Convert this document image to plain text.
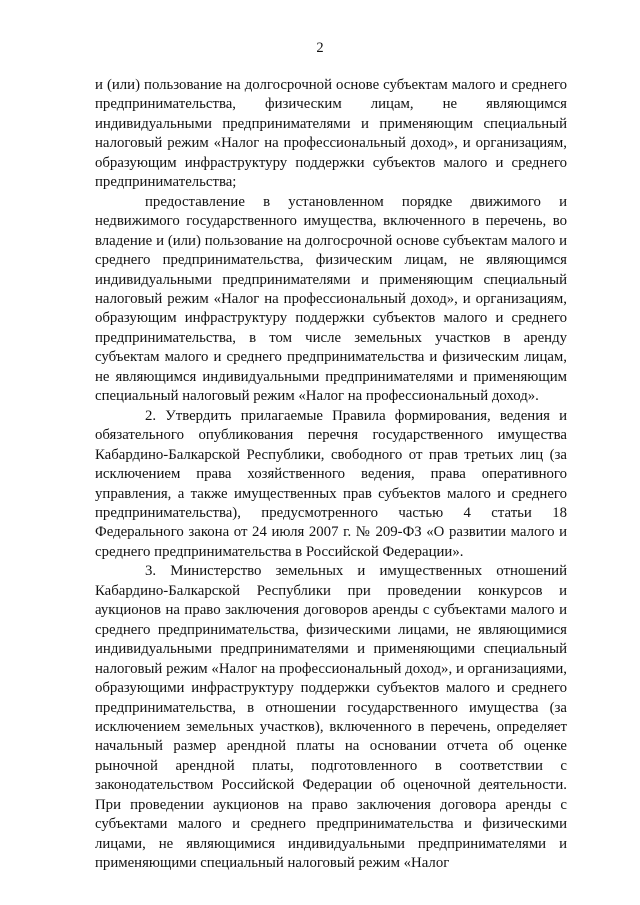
2

и (или) пользование на долгосрочной основе субъектам малого и среднего предпринимательства, физическим лицам, не являющимся индивидуальными предпринимателями и применяющим специальный налоговый режим «Налог на профессиональный доход», и организациям, образующим инфраструктуру поддержки субъектов малого и среднего предпринимательства;

предоставление в установленном порядке движимого и недвижимого государственного имущества, включенного в перечень, во владение и (или) пользование на долгосрочной основе субъектам малого и среднего предпринимательства, физическим лицам, не являющимся индивидуальными предпринимателями и применяющим специальный налоговый режим «Налог на профессиональный доход», и организациям, образующим инфраструктуру поддержки субъектов малого и среднего предпринимательства, в том числе земельных участков в аренду субъектам малого и среднего предпринимательства и физическим лицам, не являющимся индивидуальными предпринимателями и применяющим специальный налоговый режим «Налог на профессиональный доход».

2. Утвердить прилагаемые Правила формирования, ведения и обязательного опубликования перечня государственного имущества Кабардино-Балкарской Республики, свободного от прав третьих лиц (за исключением права хозяйственного ведения, права оперативного управления, а также имущественных прав субъектов малого и среднего предпринимательства), предусмотренного частью 4 статьи 18 Федерального закона от 24 июля 2007 г. № 209-ФЗ «О развитии малого и среднего предпринимательства в Российской Федерации».

3. Министерство земельных и имущественных отношений Кабардино-Балкарской Республики при проведении конкурсов и аукционов на право заключения договоров аренды с субъектами малого и среднего предпринимательства, физическими лицами, не являющимися индивидуальными предпринимателями и применяющими специальный налоговый режим «Налог на профессиональный доход», и организациями, образующими инфраструктуру поддержки субъектов малого и среднего предпринимательства, в отношении государственного имущества (за исключением земельных участков), включенного в перечень, определяет начальный размер арендной платы на основании отчета об оценке рыночной арендной платы, подготовленного в соответствии с законодательством Российской Федерации об оценочной деятельности. При проведении аукционов на право заключения договора аренды с субъектами малого и среднего предпринимательства и физическими лицами, не являющимися индивидуальными предпринимателями и применяющими специальный налоговый режим «Налог
